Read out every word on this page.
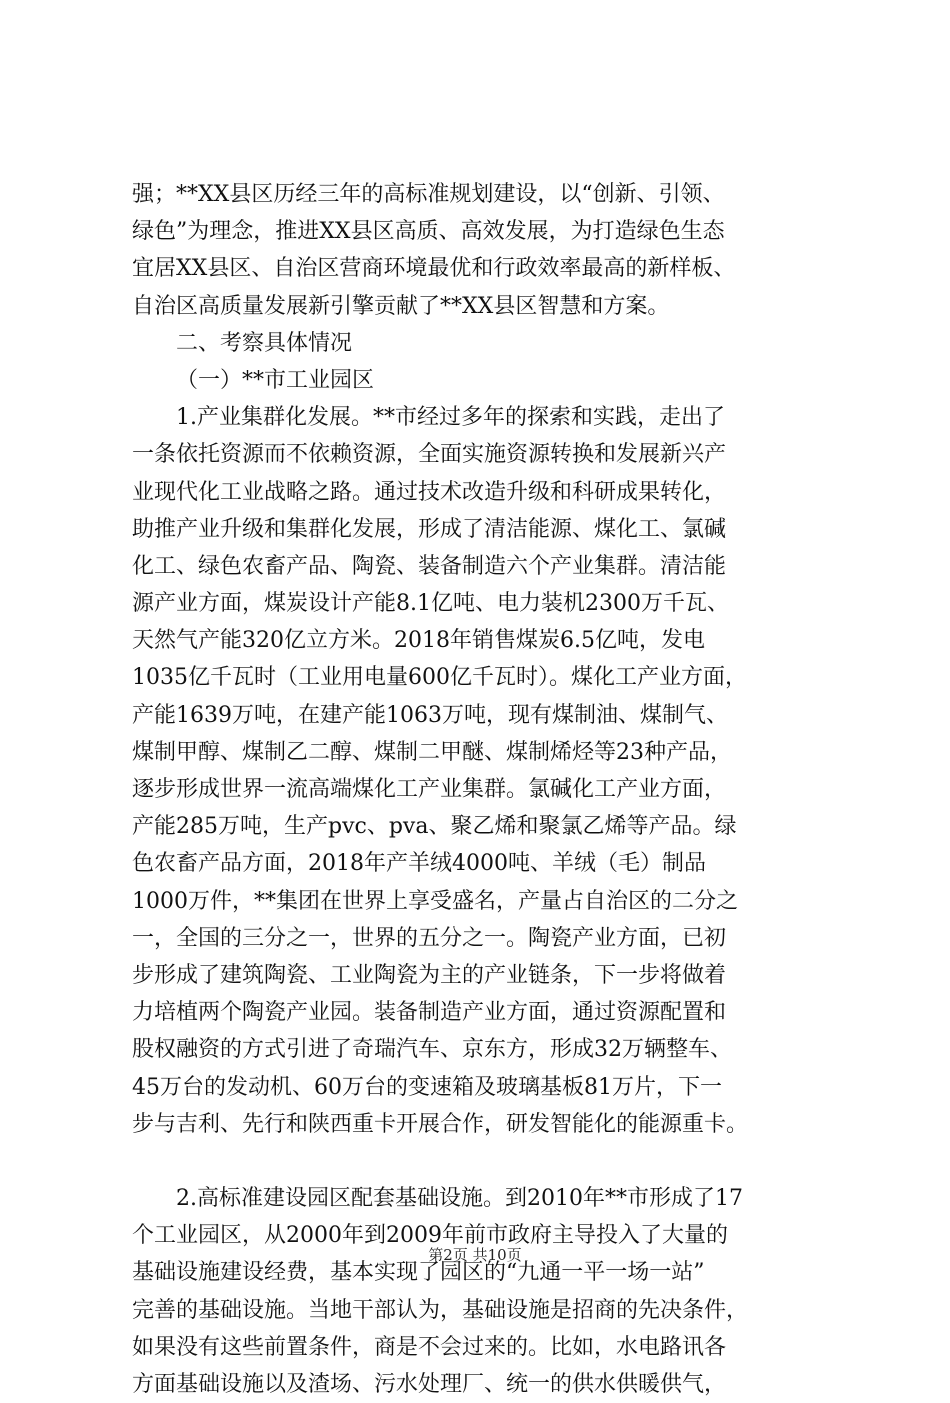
强；**XX县区历经三年的高标准规划建设，以“创新、引领、
绿色”为理念，推进XX县区高质、高效发展，为打造绿色生态
宜居XX县区、自治区营商环境最优和行政效率最高的新样板、
自治区高质量发展新引擎贡献了**XX县区智慧和方案。
二、考察具体情况
（一）**市工业园区
1.产业集群化发展。**市经过多年的探索和实践，走出了
一条依托资源而不依赖资源，全面实施资源转换和发展新兴产
业现代化工业战略之路。通过技术改造升级和科研成果转化，
助推产业升级和集群化发展，形成了清洁能源、煤化工、氯碱
化工、绿色农畜产品、陶瓷、装备制造六个产业集群。清洁能
源产业方面，煤炭设计产能8.1亿吨、电力装机2300万千瓦、
天然气产能320亿立方米。2018年销售煤炭6.5亿吨，发电
1035亿千瓦时（工业用电量600亿千瓦时）。煤化工产业方面，
产能1639万吨，在建产能1063万吨，现有煤制油、煤制气、
煤制甲醇、煤制乙二醇、煤制二甲醚、煤制烯烃等23种产品，
逐步形成世界一流高端煤化工产业集群。氯碱化工产业方面，
产能285万吨，生产pvc、pva、聚乙烯和聚氯乙烯等产品。绿
色农畜产品方面，2018年产羊绒4000吨、羊绒（毛）制品
1000万件，**集团在世界上享受盛名，产量占自治区的二分之
一，全国的三分之一，世界的五分之一。陶瓷产业方面，已初
步形成了建筑陶瓷、工业陶瓷为主的产业链条，下一步将做着
力培植两个陶瓷产业园。装备制造产业方面，通过资源配置和
股权融资的方式引进了奇瑞汽车、京东方，形成32万辆整车、
45万台的发动机、60万台的变速箱及玻璃基板81万片，下一
步与吉利、先行和陕西重卡开展合作，研发智能化的能源重卡。
2.高标准建设园区配套基础设施。到2010年**市形成了17
个工业园区，从2000年到2009年前市政府主导投入了大量的
基础设施建设经费，基本实现了园区的“九通一平一场一站”
完善的基础设施。当地干部认为，基础设施是招商的先决条件，
如果没有这些前置条件，商是不会过来的。比如，水电路讯各
方面基础设施以及渣场、污水处理厂、统一的供水供暖供气，
第2页 共10页
